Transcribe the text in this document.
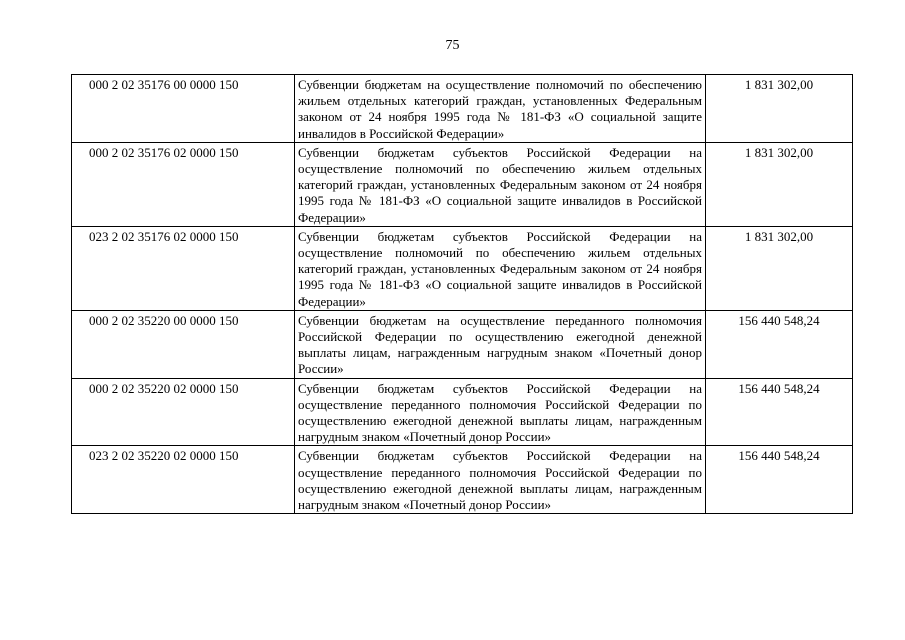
75
000 2 02 35176 00 0000 150	Субвенции бюджетам на осуществление полномочий по обеспечению жильем отдельных категорий граждан, установленных Федеральным законом от 24 ноября 1995 года № 181-ФЗ «О социальной защите инвалидов в Российской Федерации»	1 831 302,00
000 2 02 35176 02 0000 150	Субвенции бюджетам субъектов Российской Федерации на осуществление полномочий по обеспечению жильем отдельных категорий граждан, установленных Федеральным законом от 24 ноября 1995 года № 181-ФЗ «О социальной защите инвалидов в Российской Федерации»	1 831 302,00
023 2 02 35176 02 0000 150	Субвенции бюджетам субъектов Российской Федерации на осуществление полномочий по обеспечению жильем отдельных категорий граждан, установленных Федеральным законом от 24 ноября 1995 года № 181-ФЗ «О социальной защите инвалидов в Российской Федерации»	1 831 302,00
000 2 02 35220 00 0000 150	Субвенции бюджетам на осуществление переданного полномочия Российской Федерации по осуществлению ежегодной денежной выплаты лицам, награжденным нагрудным знаком «Почетный донор России»	156 440 548,24
000 2 02 35220 02 0000 150	Субвенции бюджетам субъектов Российской Федерации на осуществление переданного полномочия Российской Федерации по осуществлению ежегодной денежной выплаты лицам, награжденным нагрудным знаком «Почетный донор России»	156 440 548,24
023 2 02 35220 02 0000 150	Субвенции бюджетам субъектов Российской Федерации на осуществление переданного полномочия Российской Федерации по осуществлению ежегодной денежной выплаты лицам, награжденным нагрудным знаком «Почетный донор России»	156 440 548,24
